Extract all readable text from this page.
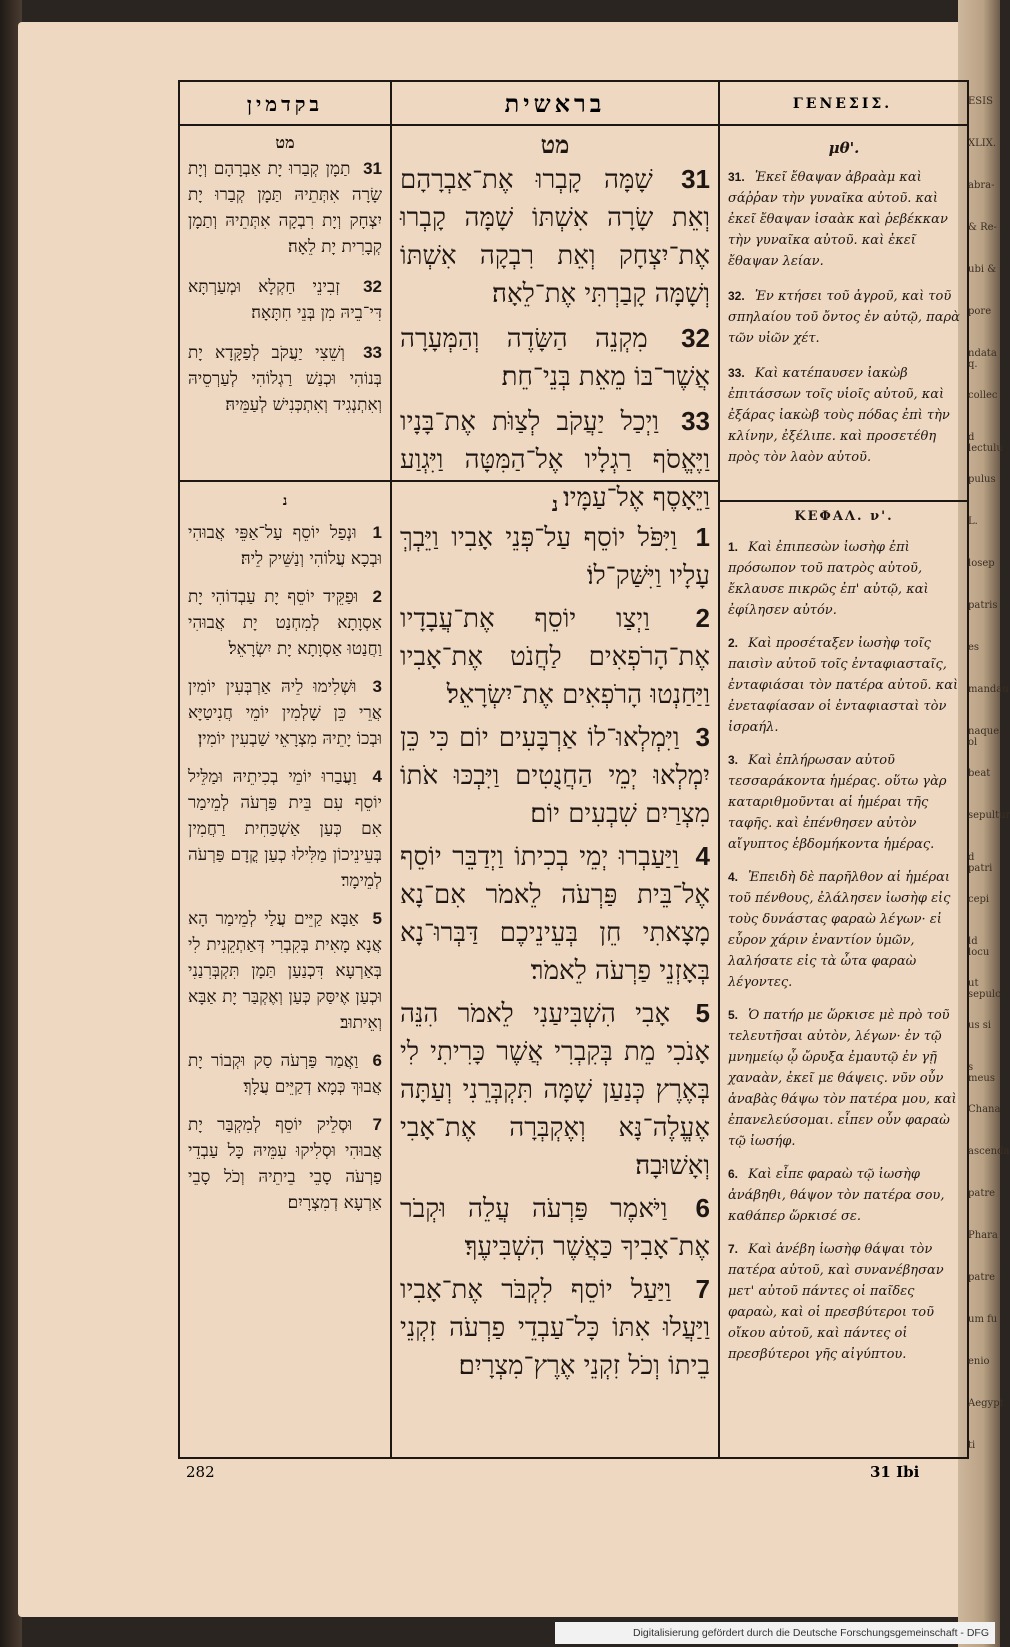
בקדמין	בראשית	ΓΕΝΕΣΙΣ.
מט
31 תַמָן קְבַרוּ יָת אַבְרָהָם וְיָת שָׂרָה אִתְּתֵיהּ תַּמָן קְבַרוּ יָת יִצְחָק וְיָת רִבְקָה אִתְּתֵיהּ וְתַמָן קְבָרִית יָת לֵאָה׃
32 זְבִינֵי חַקְלָא וּמְעַרְתָּא דִּי־בֵיהּ מִן בְּנֵי חִתָּאָה׃
33 וְשֵׁצִי יַעֲקֹב לְפַקָּדָא יָת בְּנוֹהִי וּכְנַשׁ רַגְלוֹהִי לְעַרְסֵיהּ וְאִתְנְגִיד וְאִתְכְּנִישׁ לְעַמֵּיהּ׃
מט
31 שָׁמָּה קָבְרוּ אֶת־אַבְרָהָם וְאֵת שָׂרָה אִשְׁתּוֹ שָׁמָּה קָבְרוּ אֶת־יִצְחָק וְאֵת רִבְקָה אִשְׁתּוֹ וְשָׁמָּה קָבַרְתִּי אֶת־לֵאָה׃
32 מִקְנֵה הַשָּׂדֶה וְהַמְּעָרָה אֲשֶׁר־בּוֹ מֵאֵת בְּנֵי־חֵת׃
33 וַיְכַל יַעֲקֹב לְצַוֹּת אֶת־בָּנָיו וַיֶּאֱסֹף רַגְלָיו אֶל־הַמִּטָּה וַיִּגְוַע וַיֵּאָסֶף אֶל־עַמָּיו׃
μθ'.
31. Ἐκεῖ ἔθαψαν ἀβραὰμ καὶ σάῤῥαν τὴν γυναῖκα αὐτοῦ. καὶ ἐκεῖ ἔθαψαν ἰσαὰκ καὶ ῥεβέκκαν τὴν γυναῖκα αὐτοῦ. καὶ ἐκεῖ ἔθαψαν λείαν.
32. Ἐν κτήσει τοῦ ἀγροῦ, καὶ τοῦ σπηλαίου τοῦ ὄντος ἐν αὐτῷ, παρὰ τῶν υἱῶν χέτ.
33. Καὶ κατέπαυσεν ἰακὼβ ἐπιτάσσων τοῖς υἱοῖς αὐτοῦ, καὶ ἐξάρας ἰακὼβ τοὺς πόδας ἐπὶ τὴν κλίνην, ἐξέλιπε. καὶ προσετέθη πρὸς τὸν λαὸν αὐτοῦ.
נ
1 וּנְפַל יוֹסֵף עַל־אַפֵּי אֲבוּהִי וּבְכָא עֲלוֹהִי וְנַשֵּׁיק לֵיהּ׃
2 וּפַקֵּיד יוֹסֵף יָת עַבְדוֹהִי יָת אַסְוָתָא לְמִחְנַט יָת אֲבוּהִי וַחֲנַטוּ אַסְוָתָא יָת יִשְׂרָאֵל׃
3 וּשְׁלִימוּ לֵיהּ אַרְבְּעִין יוֹמִין אֲרֵי כֵּן שָׁלְמִין יוֹמֵי חֲנִיטַיָּא וּבְכוֹ יָתֵיהּ מִצְרָאֵי שַׁבְעִין יוֹמִין׃
4 וַעֲבַרוּ יוֹמֵי בְכִיתֵיהּ וּמַלֵּיל יוֹסֵף עִם בֵּית פַּרְעֹה לְמֵימַר אִם כְּעַן אַשְׁכַּחִית רַחֲמִין בְּעֵינֵיכוֹן מַלִּילוּ כְעַן קֳדָם פַּרְעֹה לְמֵימָר׃
5 אַבָּא קַיֵּים עֲלַי לְמֵימַר הָא אֲנָא מָאִית בְּקִבְרִי דְּאַתְקֵנִית לִי בְּאַרְעָא דִּכְנַעַן תַּמָן תִּקְבְּרִנַנִי וּכְעַן אֶיסַּק כְּעַן וְאֶקְבַּר יָת אַבָּא וְאֵיתוּב׃
6 וַאֲמַר פַּרְעֹה סַק וּקְבוֹר יָת אֲבוּךְ כְּמָא דְקַיֵּים עֲלָךְ׃
7 וּסְלֵיק יוֹסֵף לְמִקְבַּר יָת אֲבוּהִי וּסְלִיקוּ עִמֵּיהּ כָּל עַבְדֵי פַרְעֹה סָבֵי בֵיתֵיהּ וְכֹל סָבֵי אַרְעָא דְמִצְרָיִם׃
נ
1 וַיִּפֹּל יוֹסֵף עַל־פְּנֵי אָבִיו וַיֵּבְךְּ עָלָיו וַיִּשַּׁק־לוֹ׃
2 וַיְצַו יוֹסֵף אֶת־עֲבָדָיו אֶת־הָרֹפְאִים לַחֲנֹט אֶת־אָבִיו וַיַּחַנְטוּ הָרֹפְאִים אֶת־יִשְׂרָאֵל׃
3 וַיִּמְלְאוּ־לוֹ אַרְבָּעִים יוֹם כִּי כֵּן יִמְלְאוּ יְמֵי הַחֲנֻטִים וַיִּבְכּוּ אֹתוֹ מִצְרַיִם שִׁבְעִים יוֹם׃
4 וַיַּעַבְרוּ יְמֵי בְכִיתוֹ וַיְדַבֵּר יוֹסֵף אֶל־בֵּית פַּרְעֹה לֵאמֹר אִם־נָא מָצָאתִי חֵן בְּעֵינֵיכֶם דַּבְּרוּ־נָא בְּאָזְנֵי פַרְעֹה לֵאמֹר׃
5 אָבִי הִשְׁבִּיעַנִי לֵאמֹר הִנֵּה אָנֹכִי מֵת בְּקִבְרִי אֲשֶׁר כָּרִיתִי לִי בְּאֶרֶץ כְּנַעַן שָׁמָּה תִּקְבְּרֵנִי וְעַתָּה אֶעֱלֶה־נָּא וְאֶקְבְּרָה אֶת־אָבִי וְאָשׁוּבָה׃
6 וַיֹּאמֶר פַּרְעֹה עֲלֵה וּקְבֹר אֶת־אָבִיךָ כַּאֲשֶׁר הִשְׁבִּיעֶךָ׃
7 וַיַּעַל יוֹסֵף לִקְבֹּר אֶת־אָבִיו וַיַּעֲלוּ אִתּוֹ כָּל־עַבְדֵי פַרְעֹה זִקְנֵי בֵיתוֹ וְכֹל זִקְנֵי אֶרֶץ־מִצְרָיִם׃
ΚΕΦΑΛ. ν'.
1. Καὶ ἐπιπεσὼν ἰωσὴφ ἐπὶ πρόσωπον τοῦ πατρὸς αὐτοῦ, ἔκλαυσε πικρῶς ἐπ' αὐτῷ, καὶ ἐφίλησεν αὐτόν.
2. Καὶ προσέταξεν ἰωσὴφ τοῖς παισὶν αὐτοῦ τοῖς ἐνταφιασταῖς, ἐνταφιάσαι τὸν πατέρα αὐτοῦ. καὶ ἐνεταφίασαν οἱ ἐνταφιασταὶ τὸν ἰσραήλ.
3. Καὶ ἐπλήρωσαν αὐτοῦ τεσσαράκοντα ἡμέρας. οὕτω γὰρ καταριθμοῦνται αἱ ἡμέραι τῆς ταφῆς. καὶ ἐπένθησεν αὐτὸν αἴγυπτος ἑβδομήκοντα ἡμέρας.
4. Ἐπειδὴ δὲ παρῆλθον αἱ ἡμέραι τοῦ πένθους, ἐλάλησεν ἰωσὴφ εἰς τοὺς δυνάστας φαραὼ λέγων· εἰ εὗρον χάριν ἐναντίον ὑμῶν, λαλήσατε εἰς τὰ ὦτα φαραὼ λέγοντες.
5. Ὁ πατήρ με ὥρκισε μὲ πρὸ τοῦ τελευτῆσαι αὐτὸν, λέγων· ἐν τῷ μνημείῳ ᾧ ὤρυξα ἐμαυτῷ ἐν γῇ χαναὰν, ἐκεῖ με θάψεις. νῦν οὖν ἀναβὰς θάψω τὸν πατέρα μου, καὶ ἐπανελεύσομαι. εἶπεν οὖν φαραὼ τῷ ἰωσήφ.
6. Καὶ εἶπε φαραὼ τῷ ἰωσὴφ ἀνάβηθι, θάψον τὸν πατέρα σου, καθάπερ ὥρκισέ σε.
7. Καὶ ἀνέβη ἰωσὴφ θάψαι τὸν πατέρα αὐτοῦ, καὶ συνανέβησαν μετ' αὐτοῦ πάντες οἱ παῖδες φαραὼ, καὶ οἱ πρεσβύτεροι τοῦ οἴκου αὐτοῦ, καὶ πάντες οἱ πρεσβύτεροι γῆς αἰγύπτου.
282	31 Ibi
ESIS
XLIX.
abra-
& Re-
ubi &
pore
ndata q.
collec
d lectulu
pulus
L.
losep
patris
es
mandau
naque ol
beat
sepultur
d patri
cepi
ld locu
ut sepulc
us si
s meus
Chana
ascenda
patre
Phara
patre
um fu
enio
Aegypt
ti
Digitalisierung gefördert durch die Deutsche Forschungsgemeinschaft - DFG
